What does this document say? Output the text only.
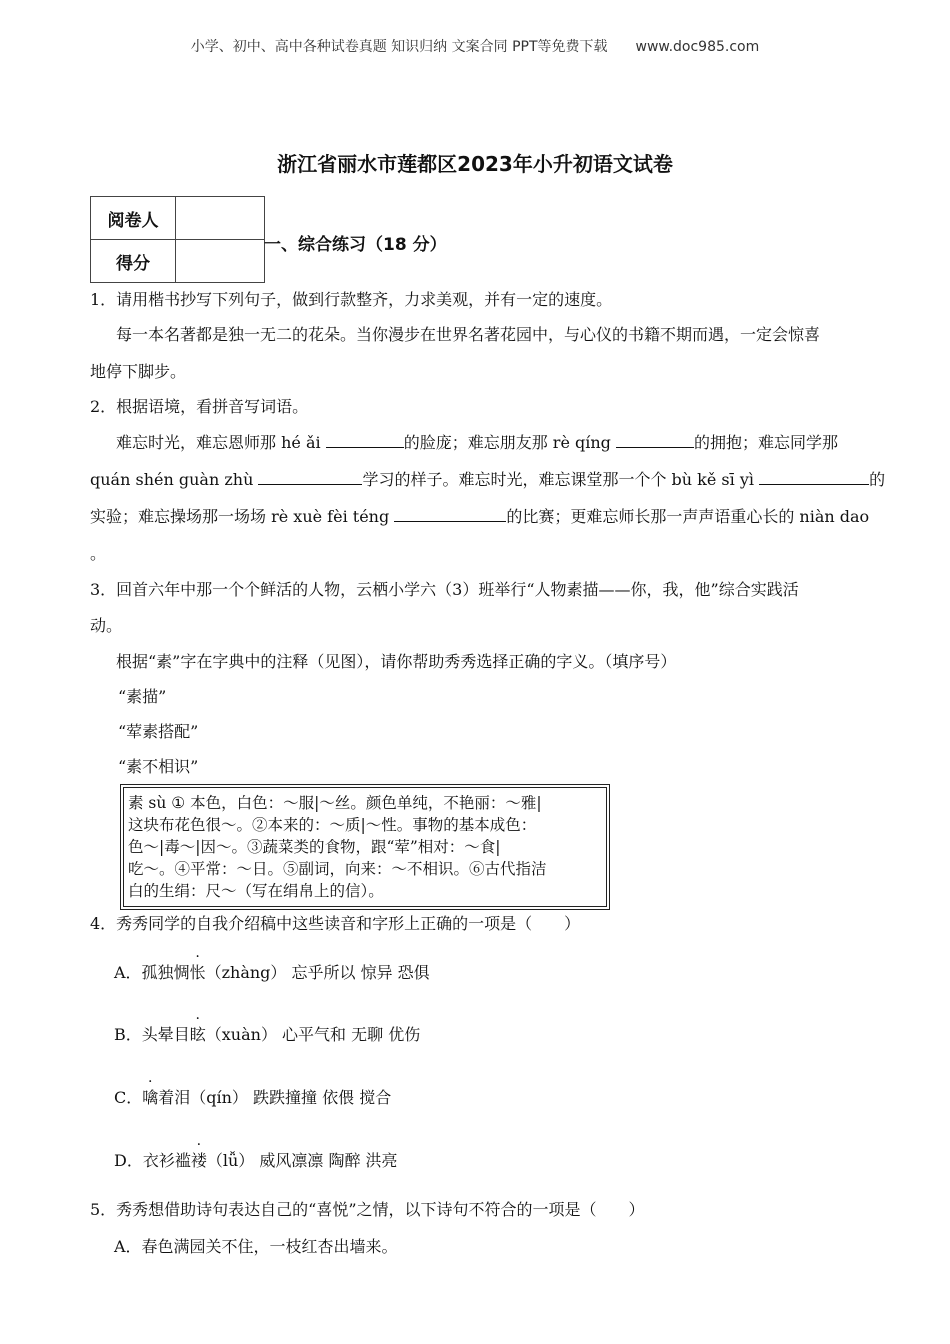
小学、初中、高中各种试卷真题 知识归纳 文案合同 PPT等免费下载 www.doc985.com
浙江省丽水市莲都区2023年小升初语文试卷
阅卷人	
得分	
一、综合练习（18 分）
1．请用楷书抄写下列句子，做到行款整齐，力求美观，并有一定的速度。
每一本名著都是独一无二的花朵。当你漫步在世界名著花园中，与心仪的书籍不期而遇，一定会惊喜
地停下脚步。
2．根据语境，看拼音写词语。
难忘时光，难忘恩师那 hé ǎi	的脸庞；难忘朋友那 rè qíng	的拥抱；难忘同学那
quán shén guàn zhù	学习的样子。难忘时光，难忘课堂那一个个 bù kě sī yì	的
实验；难忘操场那一场场 rè xuè fèi téng	的比赛；更难忘师长那一声声语重心长的 niàn dao
。
3．回首六年中那一个个鲜活的人物，云栖小学六（3）班举行“人物素描——你，我，他”综合实践活
动。
根据“素”字在字典中的注释（见图），请你帮助秀秀选择正确的字义。（填序号）
“素描”
“荤素搭配”
“素不相识”
素 sù ① 本色，白色：～服|～丝。颜色单纯，不艳丽：～雅|
这块布花色很～。②本来的：～质|～性。事物的基本成色：
色～|毒～|因～。③蔬菜类的食物，跟“荤”相对：～食|
吃～。④平常：～日。⑤副词，向来：～不相识。⑥古代指洁
白的生绢：尺～（写在绢帛上的信）。
4．秀秀同学的自我介绍稿中这些读音和字形上正确的一项是（　　）
A．孤独惆怅（zhàng） 忘乎所以 惊异 恐俱
B．头晕目眩（xuàn） 心平气和 无聊 优伤
C．噙着泪（qín） 跌跌撞撞 依偎 搅合
D．衣衫褴褛（lǚ） 威风凛凛 陶醉 洪亮
5．秀秀想借助诗句表达自己的“喜悦”之情，以下诗句不符合的一项是（　　）
A．春色满园关不住，一枝红杏出墙来。
